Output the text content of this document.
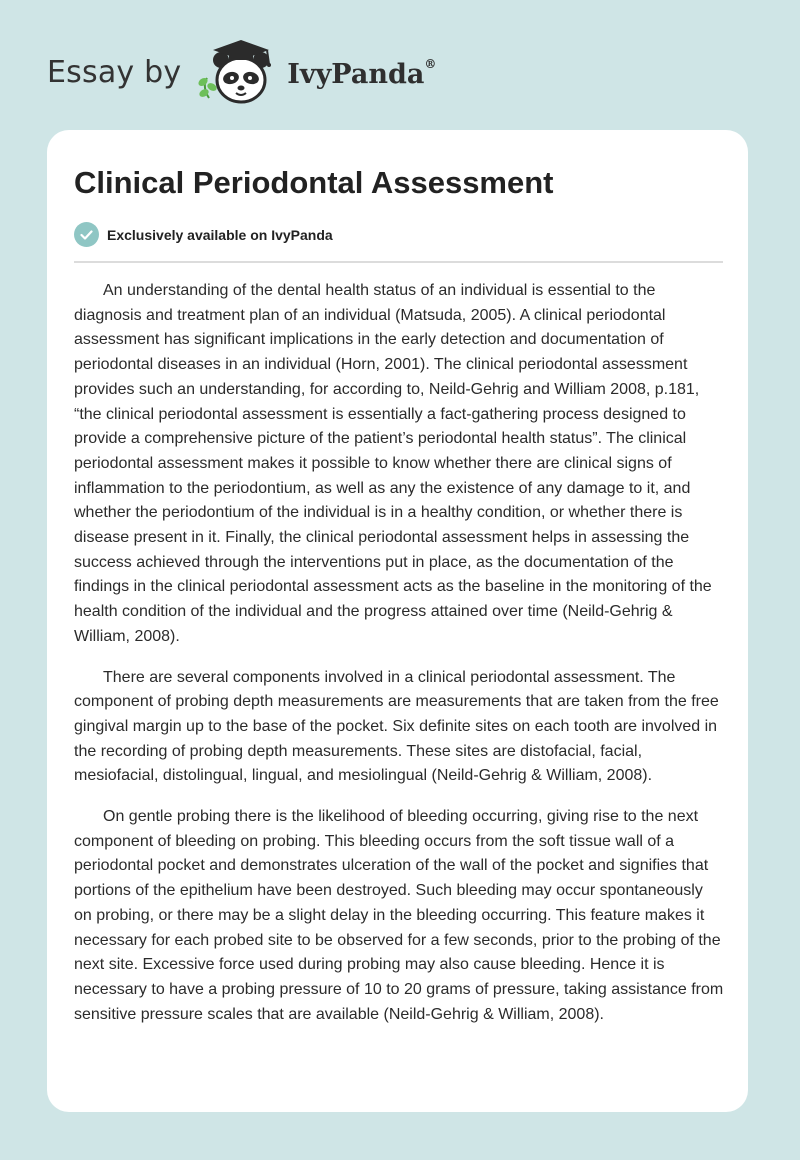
Essay by	IvyPanda®
Clinical Periodontal Assessment
Exclusively available on IvyPanda

An understanding of the dental health status of an individual is essential to the diagnosis and treatment plan of an individual (Matsuda, 2005). A clinical periodontal assessment has significant implications in the early detection and documentation of periodontal diseases in an individual (Horn, 2001). The clinical periodontal assessment provides such an understanding, for according to, Neild-Gehrig and William 2008, p.181, “the clinical periodontal assessment is essentially a fact-gathering process designed to provide a comprehensive picture of the patient’s periodontal health status”. The clinical periodontal assessment makes it possible to know whether there are clinical signs of inflammation to the periodontium, as well as any the existence of any damage to it, and whether the periodontium of the individual is in a healthy condition, or whether there is disease present in it. Finally, the clinical periodontal assessment helps in assessing the success achieved through the interventions put in place, as the documentation of the findings in the clinical periodontal assessment acts as the baseline in the monitoring of the health condition of the individual and the progress attained over time (Neild-Gehrig & William, 2008).

There are several components involved in a clinical periodontal assessment. The component of probing depth measurements are measurements that are taken from the free gingival margin up to the base of the pocket. Six definite sites on each tooth are involved in the recording of probing depth measurements. These sites are distofacial, facial, mesiofacial, distolingual, lingual, and mesiolingual (Neild-Gehrig & William, 2008).

On gentle probing there is the likelihood of bleeding occurring, giving rise to the next component of bleeding on probing. This bleeding occurs from the soft tissue wall of a periodontal pocket and demonstrates ulceration of the wall of the pocket and signifies that portions of the epithelium have been destroyed. Such bleeding may occur spontaneously on probing, or there may be a slight delay in the bleeding occurring. This feature makes it necessary for each probed site to be observed for a few seconds, prior to the probing of the next site. Excessive force used during probing may also cause bleeding. Hence it is necessary to have a probing pressure of 10 to 20 grams of pressure, taking assistance from sensitive pressure scales that are available (Neild-Gehrig & William, 2008).
